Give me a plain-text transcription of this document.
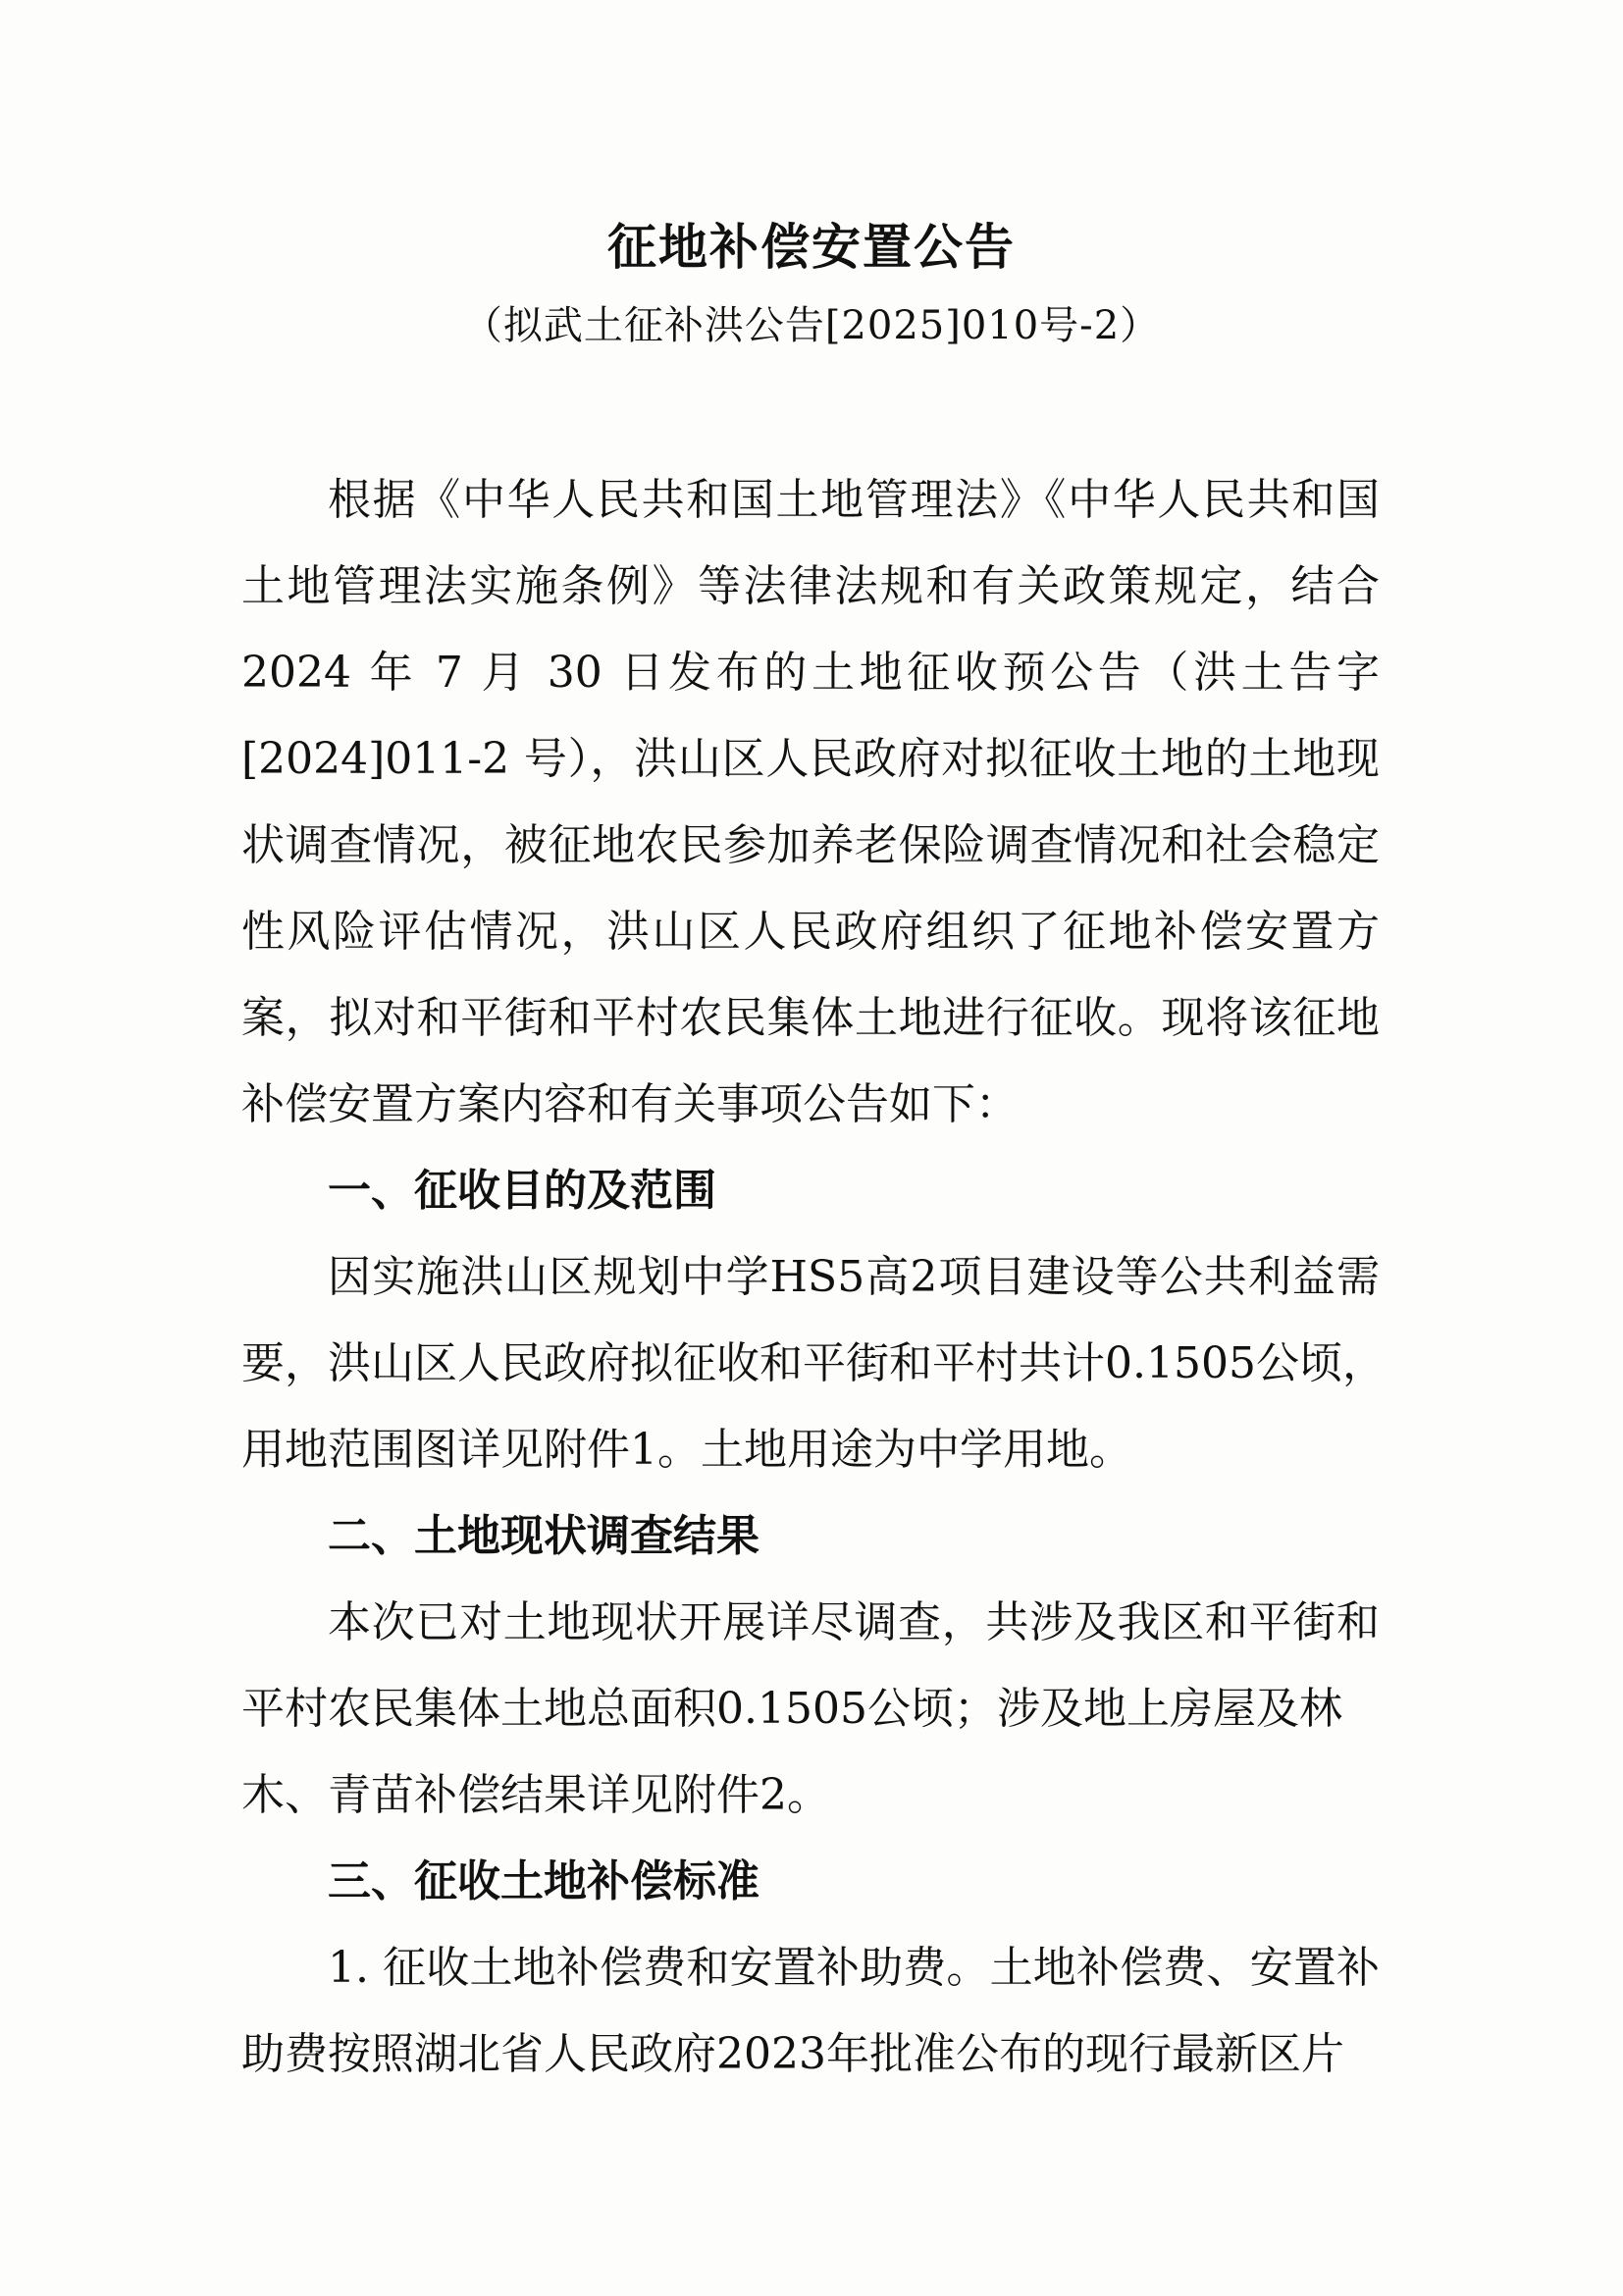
征地补偿安置公告
（拟武土征补洪公告[2025]010号-2）
根据《中华人民共和国土地管理法》《中华人民共和国
土地管理法实施条例》等法律法规和有关政策规定，结合
2024 年 7 月 30 日发布的土地征收预公告（洪土告字
[2024]011-2 号），洪山区人民政府对拟征收土地的土地现
状调查情况，被征地农民参加养老保险调查情况和社会稳定
性风险评估情况，洪山区人民政府组织了征地补偿安置方
案，拟对和平街和平村农民集体土地进行征收。现将该征地
补偿安置方案内容和有关事项公告如下：
一、征收目的及范围
因实施洪山区规划中学HS5高2项目建设等公共利益需
要，洪山区人民政府拟征收和平街和平村共计0.1505公顷，
用地范围图详见附件1。土地用途为中学用地。
二、土地现状调查结果
本次已对土地现状开展详尽调查，共涉及我区和平街和
平村农民集体土地总面积0.1505公顷；涉及地上房屋及林
木、青苗补偿结果详见附件2。
三、征收土地补偿标准
1. 征收土地补偿费和安置补助费。土地补偿费、安置补
助费按照湖北省人民政府2023年批准公布的现行最新区片
